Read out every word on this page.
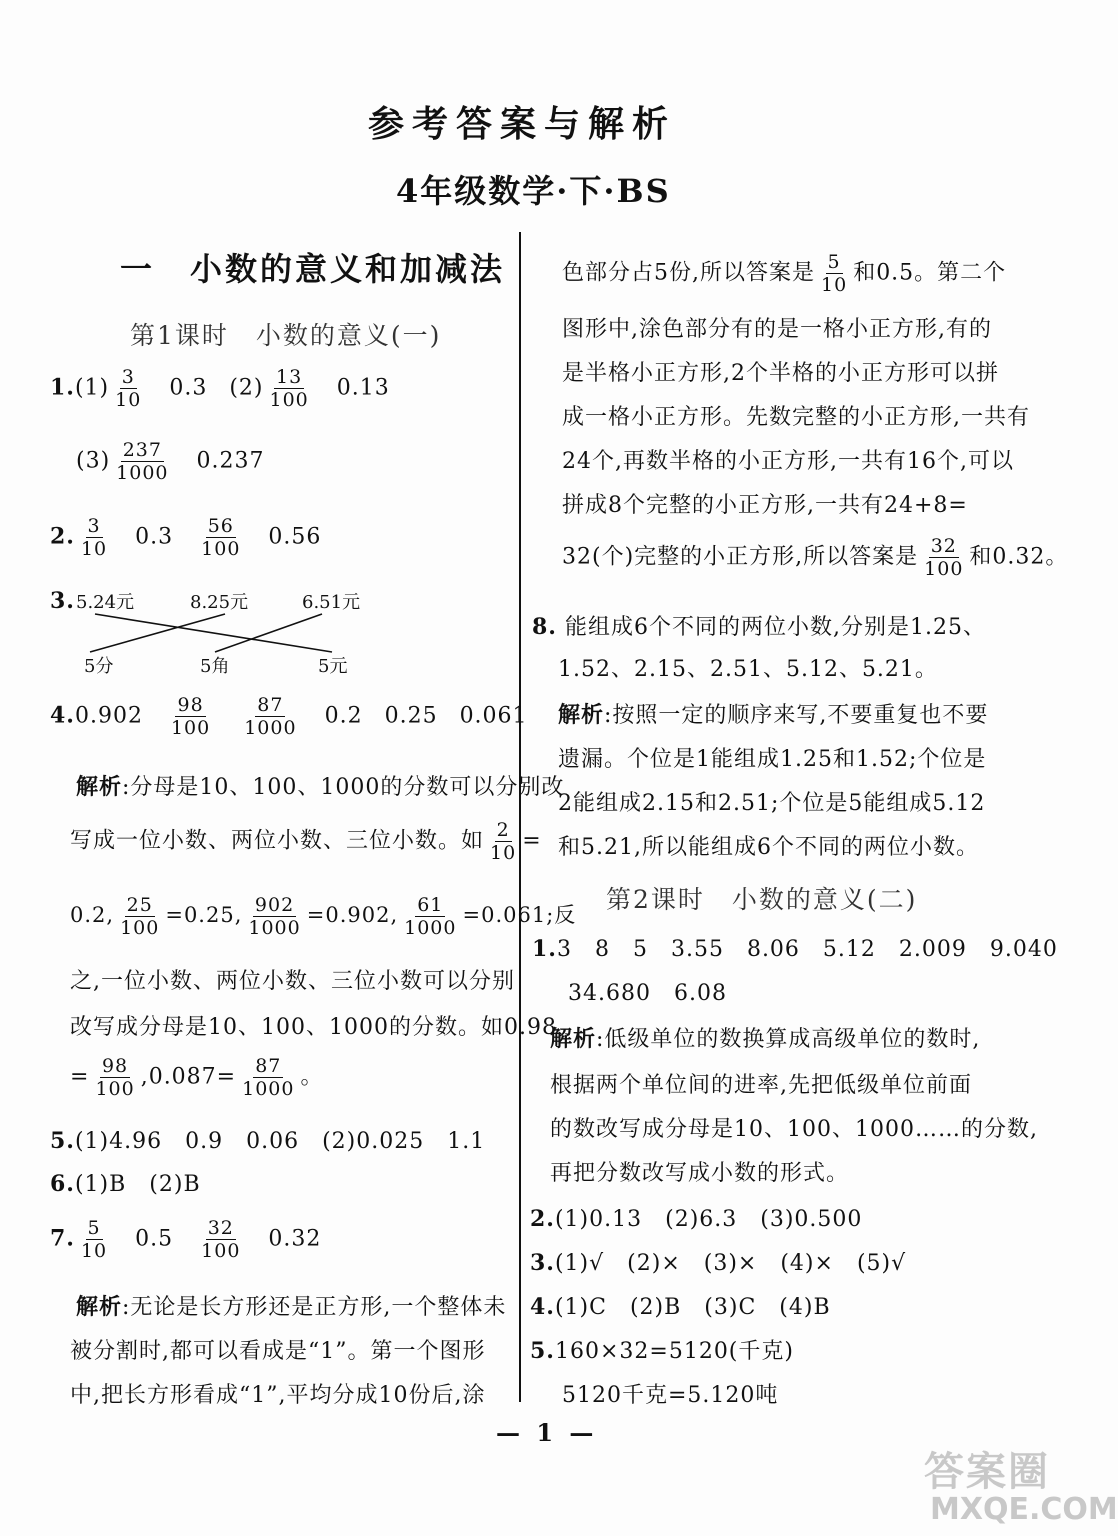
参考答案与解析
4年级数学·下·BS
一　小数的意义和加减法
第1课时　小数的意义(一)
$1.(1) \frac{3}{10} 0.3$ $(2) \frac{13}{100} 0.13$
$(3) \frac{237}{1000} 0.237$
2. $\frac{3}{10} 0.3 \frac{56}{100} 0.56$
3. 5.24元	8.25元	6.51元
5分	5角	5元
$4.0.902 \frac{98}{100} \frac{87}{1000} 0.2$ 0.25 0.061
解析:分母是10、100、1000的分数可以分别改
写成一位小数、两位小数、三位小数。如 $\frac{2}{10}$ =
0.2, $\frac{25}{100} =0.25$, $\frac{902}{1000} =0.902$, $\frac{61}{1000} =0.061$;反
之,一位小数、两位小数、三位小数可以分别
改写成分母是10、100、1000的分数。如0.98
= $\frac{98}{100} ,0.087= \frac{87}{1000}$ 。
5.(1)4.96　0.9　0.06　(2)0.025　1.1
6.(1)B　(2)B
7. $\frac{5}{10} 0.5 \frac{32}{100} 0.32$
解析:无论是长方形还是正方形,一个整体未
被分割时,都可以看成是“1”。第一个图形
中,把长方形看成“1”,平均分成10份后,涂
色部分占5份,所以答案是 $\frac{5}{10}$ 和0.5。第二个
图形中,涂色部分有的是一格小正方形,有的
是半格小正方形,2个半格的小正方形可以拼
成一格小正方形。先数完整的小正方形,一共有
24个,再数半格的小正方形,一共有16个,可以
拼成8个完整的小正方形,一共有24+8=
32(个)完整的小正方形,所以答案是 $\frac{32}{100}$ 和0.32。
8. 能组成6个不同的两位小数,分别是1.25、
1.52、2.15、2.51、5.12、5.21。
解析:按照一定的顺序来写,不要重复也不要
遗漏。个位是1能组成1.25和1.52;个位是
2能组成2.15和2.51;个位是5能组成5.12
和5.21,所以能组成6个不同的两位小数。
第2课时　小数的意义(二)
1.3　8　5　3.55　8.06　5.12　2.009　9.040
34.680　6.08
解析:低级单位的数换算成高级单位的数时,
根据两个单位间的进率,先把低级单位前面
的数改写成分母是10、100、1000……的分数,
再把分数改写成小数的形式。
2.(1)0.13　(2)6.3　(3)0.500
3.(1)√　(2)×　(3)×　(4)×　(5)√
4.(1)C　(2)B　(3)C　(4)B
5.160×32=5120(千克)
5120千克=5.120吨
— 1 —
答案圈
MXQE.COM
